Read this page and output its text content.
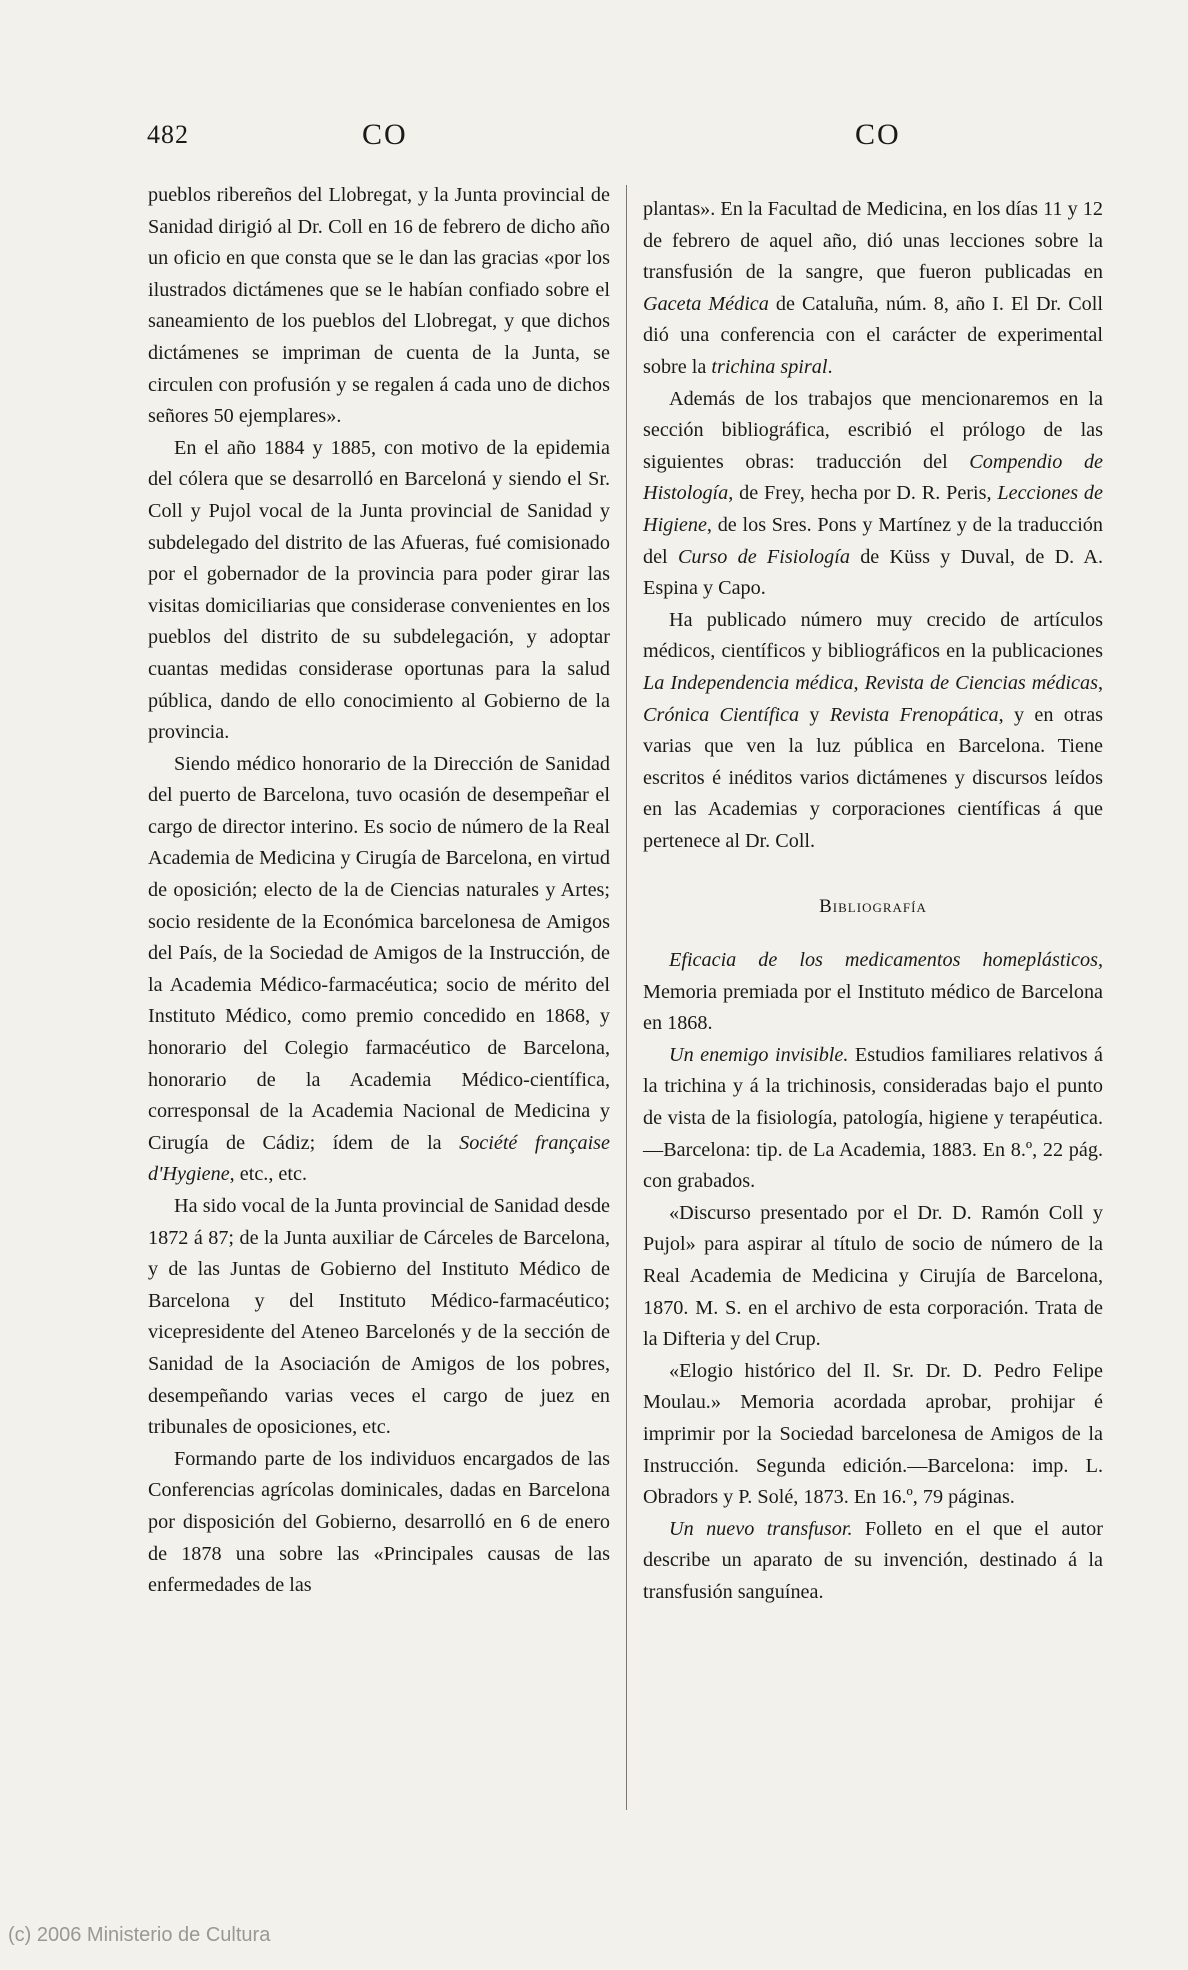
482	CO	CO

pueblos ribereños del Llobregat, y la Junta provincial de Sanidad dirigió al Dr. Coll en 16 de febrero de dicho año un oficio en que consta que se le dan las gracias «por los ilustrados dictámenes que se le habían confiado sobre el saneamiento de los pueblos del Llobregat, y que dichos dictámenes se impriman de cuenta de la Junta, se circulen con profusión y se regalen á cada uno de dichos señores 50 ejemplares».

En el año 1884 y 1885, con motivo de la epidemia del cólera que se desarrolló en Barceloná y siendo el Sr. Coll y Pujol vocal de la Junta provincial de Sanidad y subdelegado del distrito de las Afueras, fué comisionado por el gobernador de la provincia para poder girar las visitas domiciliarias que considerase convenientes en los pueblos del distrito de su subdelegación, y adoptar cuantas medidas considerase oportunas para la salud pública, dando de ello conocimiento al Gobierno de la provincia.

Siendo médico honorario de la Dirección de Sanidad del puerto de Barcelona, tuvo ocasión de desempeñar el cargo de director interino. Es socio de número de la Real Academia de Medicina y Cirugía de Barcelona, en virtud de oposición; electo de la de Ciencias naturales y Artes; socio residente de la Económica barcelonesa de Amigos del País, de la Sociedad de Amigos de la Instrucción, de la Academia Médico-farmacéutica; socio de mérito del Instituto Médico, como premio concedido en 1868, y honorario del Colegio farmacéutico de Barcelona, honorario de la Academia Médico-científica, corresponsal de la Academia Nacional de Medicina y Cirugía de Cádiz; ídem de la Société française d'Hygiene, etc., etc.

Ha sido vocal de la Junta provincial de Sanidad desde 1872 á 87; de la Junta auxiliar de Cárceles de Barcelona, y de las Juntas de Gobierno del Instituto Médico de Barcelona y del Instituto Médico-farmacéutico; vicepresidente del Ateneo Barcelonés y de la sección de Sanidad de la Asociación de Amigos de los pobres, desempeñando varias veces el cargo de juez en tribunales de oposiciones, etc.

Formando parte de los individuos encargados de las Conferencias agrícolas dominicales, dadas en Barcelona por disposición del Gobierno, desarrolló en 6 de enero de 1878 una sobre las «Principales causas de las enfermedades de las

plantas». En la Facultad de Medicina, en los días 11 y 12 de febrero de aquel año, dió unas lecciones sobre la transfusión de la sangre, que fueron publicadas en Gaceta Médica de Cataluña, núm. 8, año I. El Dr. Coll dió una conferencia con el carácter de experimental sobre la trichina spiral.

Además de los trabajos que mencionaremos en la sección bibliográfica, escribió el prólogo de las siguientes obras: traducción del Compendio de Histología, de Frey, hecha por D. R. Peris, Lecciones de Higiene, de los Sres. Pons y Martínez y de la traducción del Curso de Fisiología de Küss y Duval, de D. A. Espina y Capo.

Ha publicado número muy crecido de artículos médicos, científicos y bibliográficos en la publicaciones La Independencia médica, Revista de Ciencias médicas, Crónica Científica y Revista Frenopática, y en otras varias que ven la luz pública en Barcelona. Tiene escritos é inéditos varios dictámenes y discursos leídos en las Academias y corporaciones científicas á que pertenece al Dr. Coll.

Bibliografía

Eficacia de los medicamentos homeplásticos, Memoria premiada por el Instituto médico de Barcelona en 1868.

Un enemigo invisible. Estudios familiares relativos á la trichina y á la trichinosis, consideradas bajo el punto de vista de la fisiología, patología, higiene y terapéutica.—Barcelona: tip. de La Academia, 1883. En 8.º, 22 pág. con grabados.

«Discurso presentado por el Dr. D. Ramón Coll y Pujol» para aspirar al título de socio de número de la Real Academia de Medicina y Cirujía de Barcelona, 1870. M. S. en el archivo de esta corporación. Trata de la Difteria y del Crup.

«Elogio histórico del Il. Sr. Dr. D. Pedro Felipe Moulau.» Memoria acordada aprobar, prohijar é imprimir por la Sociedad barcelonesa de Amigos de la Instrucción. Segunda edición.—Barcelona: imp. L. Obradors y P. Solé, 1873. En 16.º, 79 páginas.

Un nuevo transfusor. Folleto en el que el autor describe un aparato de su invención, destinado á la transfusión sanguínea.

(c) 2006 Ministerio de Cultura
